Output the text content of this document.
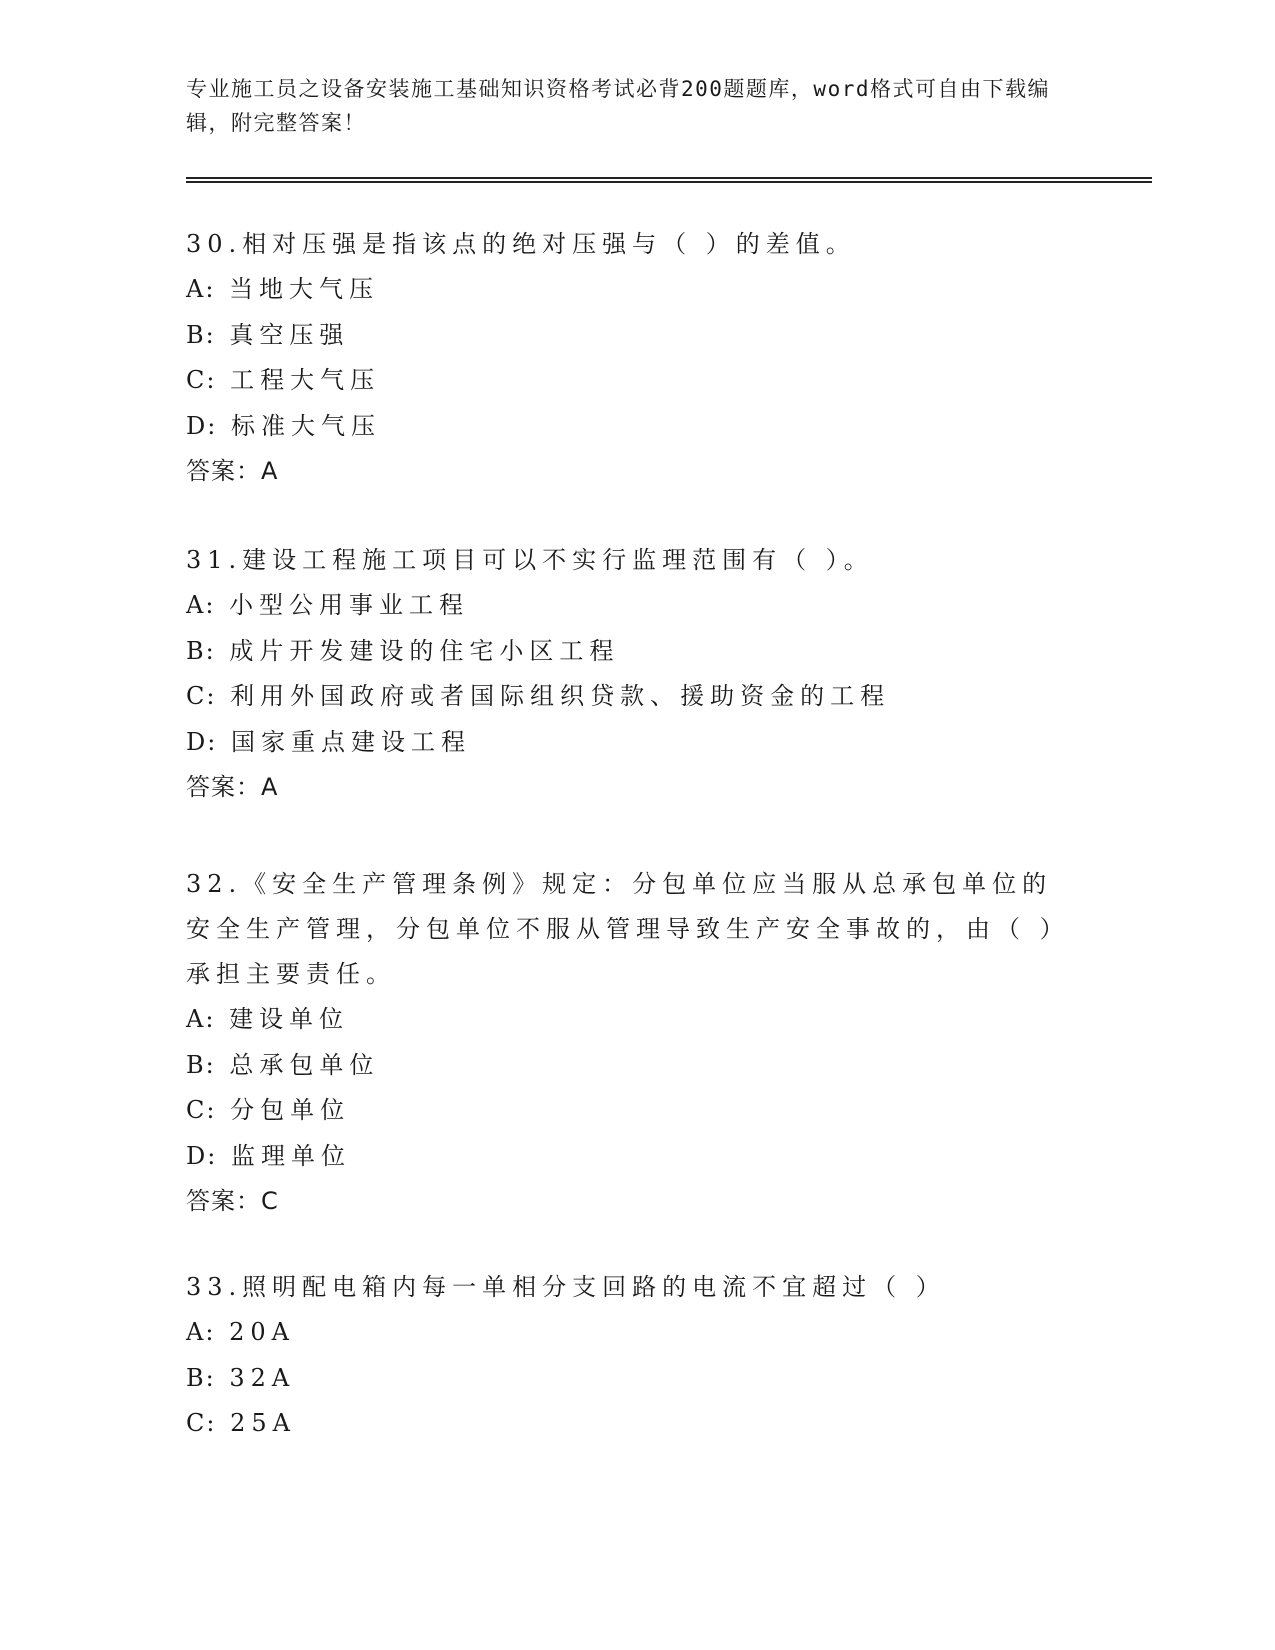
专业施工员之设备安装施工基础知识资格考试必背200题题库，word格式可自由下载编辑，附完整答案！

30.相对压强是指该点的绝对压强与（ ）的差值。

A: 当地大气压

B: 真空压强

C: 工程大气压

D: 标准大气压

答案：A

31.建设工程施工项目可以不实行监理范围有（ ）。

A: 小型公用事业工程

B: 成片开发建设的住宅小区工程

C: 利用外国政府或者国际组织贷款、援助资金的工程

D: 国家重点建设工程

答案：A

32.《安全生产管理条例》规定：分包单位应当服从总承包单位的安全生产管理，分包单位不服从管理导致生产安全事故的，由（ ）承担主要责任。

A: 建设单位

B: 总承包单位

C: 分包单位

D: 监理单位

答案：C

33.照明配电箱内每一单相分支回路的电流不宜超过（ ）

A: 20A

B: 32A

C: 25A
